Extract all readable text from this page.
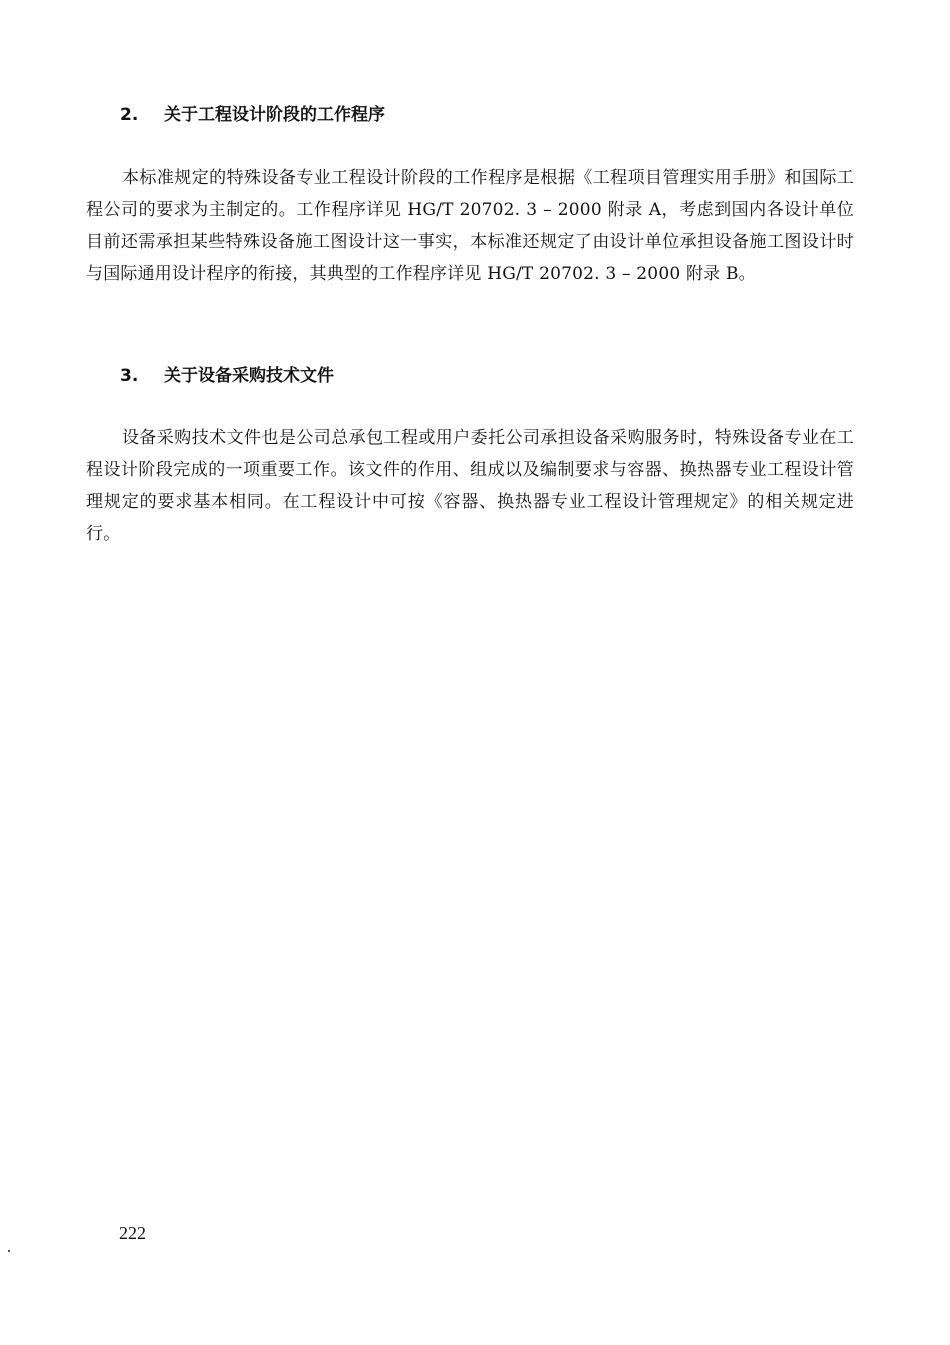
2. 关于工程设计阶段的工作程序

本标准规定的特殊设备专业工程设计阶段的工作程序是根据《工程项目管理实用手册》和国际工程公司的要求为主制定的。工作程序详见 HG/T 20702. 3 – 2000 附录 A，考虑到国内各设计单位目前还需承担某些特殊设备施工图设计这一事实，本标准还规定了由设计单位承担设备施工图设计时与国际通用设计程序的衔接，其典型的工作程序详见 HG/T 20702. 3 – 2000 附录 B。

3. 关于设备采购技术文件

设备采购技术文件也是公司总承包工程或用户委托公司承担设备采购服务时，特殊设备专业在工程设计阶段完成的一项重要工作。该文件的作用、组成以及编制要求与容器、换热器专业工程设计管理规定的要求基本相同。在工程设计中可按《容器、换热器专业工程设计管理规定》的相关规定进行。

222
